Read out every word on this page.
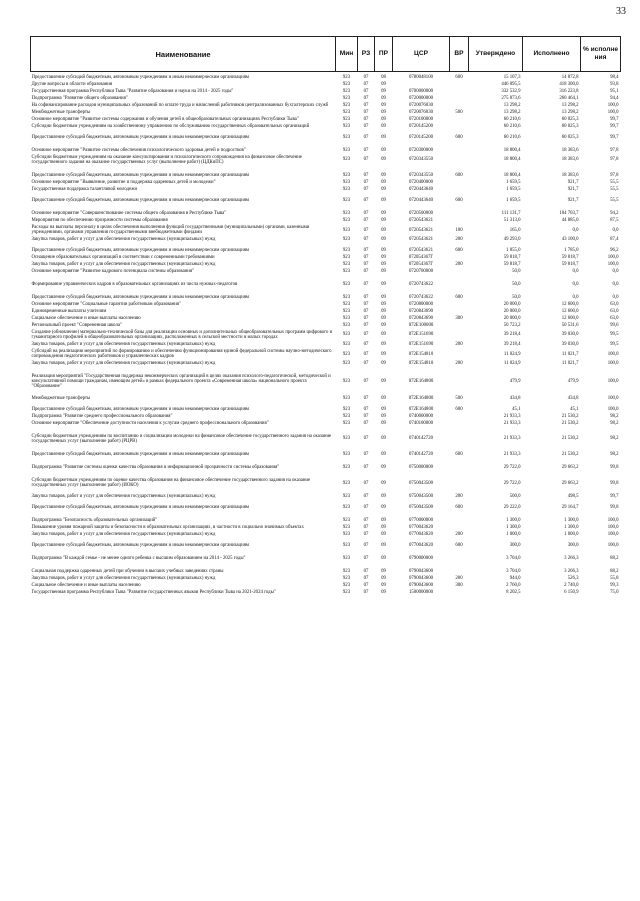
33
Наименование	Мин	РЗ	ПР	ЦСР	ВР	Утверждено	Исполнено	% исполне ния
Предоставление субсидий бюджетным, автономным учреждениям и иным некоммерческим организациям	923	07	08	0780048100	600	15 107,3	14 872,8	98,4
Другие вопросы в области образования	923	07	09			446 095,5	418 300,0	93,8
Государственная программа Республики Тыва "Развитие образования и науки на 2014 - 2025 годы"	923	07	09	0700000000		332 532,9	316 223,8	95,1
Подпрограмма "Развитие общего образования"	923	07	09	0720000000		275 873,6	260 464,1	94,4
На софинансирование расходов муниципальных образований по оплате труда и начислений работников централизованных бухгалтерских служб	923	07	09	0720076030		13 298,2	13 298,2	100,0
Межбюджетные трансферты	923	07	09	0720076030	500	13 298,2	13 298,2	100,0
Основное мероприятие "Развитие системы содержания и обучения детей в общеобразовательных организациях Республики Тыва"	923	07	09	0720100000		60 210,6	60 025,3	99,7
Субсидии бюджетным учреждениям на хозяйственному управлению по обслуживанию государственных образовательных организаций	923	07	09	0720145200		60 210,6	60 025,3	99,7
Предоставление субсидий бюджетным, автономным учреждениям и иным некоммерческим организациям	923	07	09	0720145200	600	60 210,6	60 025,3	99,7
Основное мероприятие "Развитие системы обеспечения психологического здоровья детей и подростков"	923	07	09	0720300000		18 800,4	18 383,6	97,8
Субсидии бюджетным учреждениям на оказание консультирования и психологического сопровождения на финансовое обеспечение государственного задания на оказание государственных услуг (выполнение работ) (ЦДКиПС)	923	07	09	0720343550		18 800,4	18 383,6	97,8
Предоставление субсидий бюджетным, автономным учреждениям и иным некоммерческим организациям	923	07	09	0720343550	600	18 800,4	18 383,6	97,8
Основное мероприятие "Выявление, развитие и поддержка одаренных детей и молодежи"	923	07	09	0720400000		1 659,5	921,7	55,5
Государственная поддержка талантливой молодежи	923	07	09	0720443640		1 659,5	921,7	55,5
Предоставление субсидий бюджетным, автономным учреждениям и иным некоммерческим организациям	923	07	09	0720443640	600	1 659,5	921,7	55,5
Основное мероприятие "Совершенствование системы общего образования в Республике Тыва"	923	07	09	0720500000		111 131,7	104 703,7	94,2
Мероприятия по обеспечению прозрачности системы образования	923	07	09	0720543621		51 313,0	44 885,0	87,5
Расходы на выплаты персоналу в целях обеспечения выполнения функций государственными (муниципальными) органами, казенными учреждениями, органами управления государственными внебюджетными фондами	923	07	09	0720543621	100	165,0	0,0	0,0
Закупка товаров, работ и услуг для обеспечения государственных (муниципальных) нужд	923	07	09	0720543621	200	49 293,0	43 100,0	87,4
Предоставление субсидий бюджетным, автономным учреждениям и иным некоммерческим организациям	923	07	09	0720543621	600	1 855,0	1 785,0	96,2
Оснащение образовательных организаций в соответствии с современными требованиями	923	07	09	072054367Г		59 818,7	59 818,7	100,0
Закупка товаров, работ и услуг для обеспечения государственных (муниципальных) нужд	923	07	09	072054367Г	200	59 818,7	59 818,7	100,0
Основное мероприятие "Развитие кадрового потенциала системы образования"	923	07	09	0720700000		50,0	0,0	0,0
Формирование управленческих кадров в образовательных организациях из числа нужных-педагогов	923	07	09	0720743622		50,0	0,0	0,0
Предоставление субсидий бюджетным, автономным учреждениям и иным некоммерческим организациям	923	07	09	0720743622	600	50,0	0,0	0,0
Основное мероприятие "Социальные гарантии работникам образования"	923	07	09	0720800000		20 000,0	12 600,0	63,0
Единовременные выплаты учителям	923	07	09	0720843690		20 000,0	12 600,0	63,0
Социальное обеспечение и иные выплаты населению	923	07	09	0720843690	300	20 000,0	12 600,0	63,0
Региональный проект "Современная школа"	923	07	09	072E100000		50 723,2	50 531,6	99,6
Создание (обновление) материально-технической базы для реализации основных и дополнительных общеобразовательных программ цифрового и гуманитарного профилей в общеобразовательных организациях, расположенных в сельской местности и малых городах	923	07	09	072E151690		39 218,4	39 030,0	99,5
Закупка товаров, работ и услуг для обеспечения государственных (муниципальных) нужд	923	07	09	072E151690	200	39 218,4	39 030,0	99,5
Субсидий на реализацию мероприятий по формированию и обеспечению функционирования единой федеральной системы научно-методического сопровождения педагогических работников и управленческих кадров	923	07	09	072E154810		11 024,9	11 021,7	100,0
Закупка товаров, работ и услуг для обеспечения государственных (муниципальных) нужд	923	07	09	072E154810	200	11 024,9	11 021,7	100,0
Реализация мероприятий "Государственная поддержка некоммерческих организаций в целях оказания психолого-педагогической, методической и консультативной помощи гражданам, имеющим детей» в рамках федерального проекта «Современная школа» национального проекта "Образование"	923	07	09	072E164800		479,9	479,9	100,0
Межбюджетные трансферты	923	07	09	072E164800	500	434,8	434,8	100,0
Предоставление субсидий бюджетным, автономным учреждениям и иным некоммерческим организациям	923	07	09	072E164800	600	45,1	45,1	100,0
Подпрограмма "Развитие среднего профессионального образования"	923	07	09	0740000000		21 933,3	21 530,2	98,2
Основное мероприятие "Обеспечение доступности населения к услугам среднего профессионального образования"	923	07	09	0740100000		21 933,3	21 530,2	98,2
Субсидии бюджетным учреждениям по воспитанию и социализации молодежи на финансовое обеспечение государственного задания на оказание государственных услуг (выполнение работ) (РЦРВ)	923	07	09	0740142720		21 933,3	21 530,2	98,2
Предоставление субсидий бюджетным, автономным учреждениям и иным некоммерческим организациям	923	07	09	0740142720	600	21 933,3	21 530,2	98,2
Подпрограмма "Развитие системы оценки качества образования и информационной прозрачности системы образования"	923	07	09	0750000000		29 722,0	29 663,2	99,8
Субсидии бюджетным учреждениям по оценке качества образования на финансовое обеспечение государственного задания на оказание государственных услуг (выполнение работ) (ИОКО)	923	07	09	0750043500		29 722,0	29 663,2	99,8
Закупка товаров, работ и услуг для обеспечения государственных (муниципальных) нужд	923	07	09	0750043500	200	500,0	498,5	99,7
Предоставление субсидий бюджетным, автономным учреждениям и иным некоммерческим организациям	923	07	09	0750043500	600	29 222,0	29 164,7	99,8
Подпрограмма "Безопасность образовательных организаций"	923	07	09	0770000000		1 300,0	1 300,0	100,0
Повышение уровня пожарной защиты и безопасности в образовательных организациях, в частности в социально значимых объектах	923	07	09	0770043620		1 300,0	1 300,0	100,0
Закупка товаров, работ и услуг для обеспечения государственных (муниципальных) нужд	923	07	09	0770043620	200	1 000,0	1 000,0	100,0
Предоставление субсидий бюджетным, автономным учреждениям и иным некоммерческим организациям	923	07	09	0770043620	600	300,0	300,0	100,0
Подпрограмма "В каждой семье - не менее одного ребенка с высшим образованием на 2014 - 2025 годы"	923	07	09	0790000000		3 704,0	3 266,3	88,2
Социальная поддержка одаренных детей при обучении в высших учебных заведениях страны	923	07	09	0790043600		3 704,0	3 266,3	88,2
Закупка товаров, работ и услуг для обеспечения государственных (муниципальных) нужд	923	07	09	0790043600	200	944,0	526,3	55,8
Социальное обеспечение и иные выплаты населению	923	07	09	0790043600	300	2 760,0	2 740,0	99,3
Государственная программа Республики Тыва "Развитие государственных языков Республики Тыва на 2021-2024 годы"	923	07	09	1500000000		8 202,5	6 150,9	75,0
